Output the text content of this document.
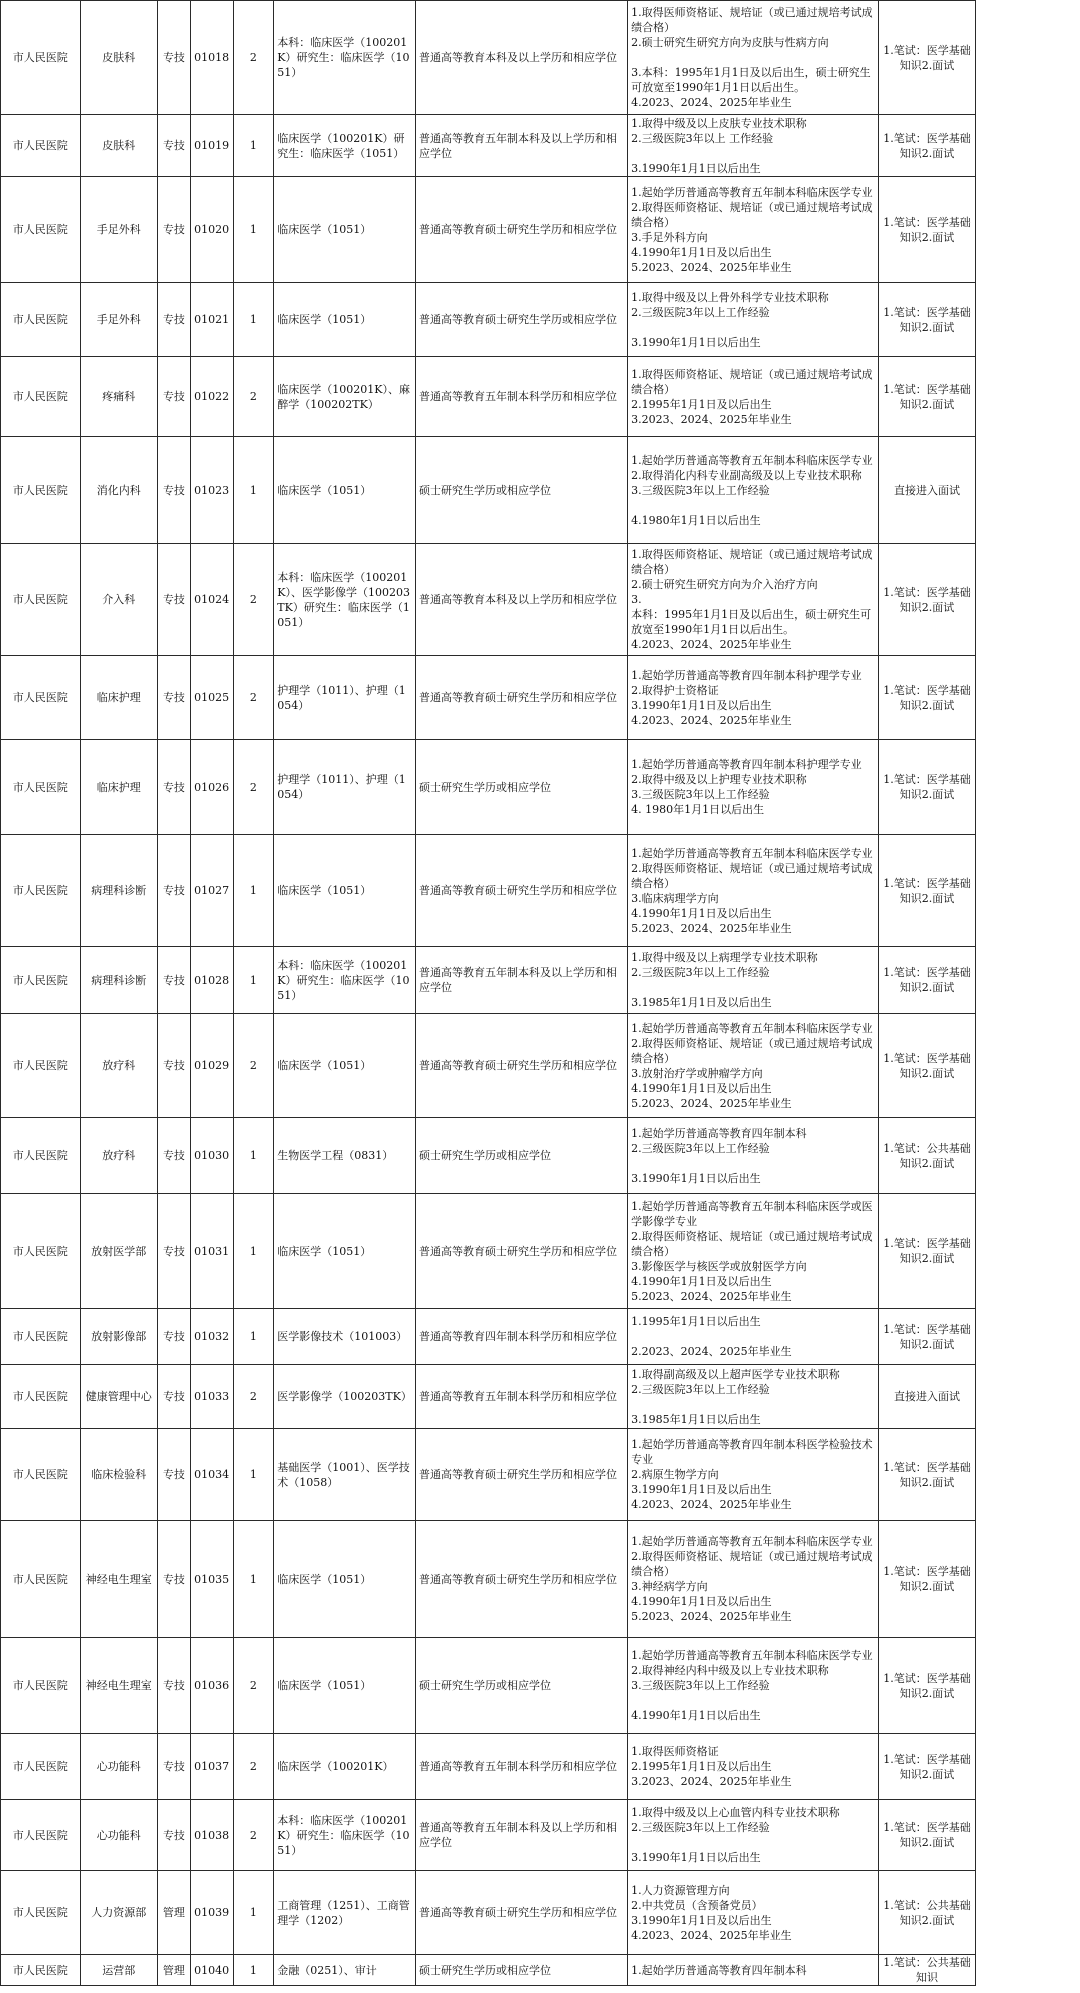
市人民医院	皮肤科	专技	01018	2	本科：临床医学（100201K）研究生：临床医学（1051）	普通高等教育本科及以上学历和相应学位	1.取得医师资格证、规培证（或已通过规培考试成绩合格）
2.硕士研究生研究方向为皮肤与性病方向
3.本科：1995年1月1日及以后出生，硕士研究生可放宽至1990年1月1日以后出生。
4.2023、2024、2025年毕业生	1.笔试：医学基础知识2.面试
市人民医院	皮肤科	专技	01019	1	临床医学（100201K）研究生：临床医学（1051）	普通高等教育五年制本科及以上学历和相应学位	1.取得中级及以上皮肤专业技术职称
2.三级医院3年以上 工作经验
3.1990年1月1日以后出生	1.笔试：医学基础知识2.面试
市人民医院	手足外科	专技	01020	1	临床医学（1051）	普通高等教育硕士研究生学历和相应学位	1.起始学历普通高等教育五年制本科临床医学专业
2.取得医师资格证、规培证（或已通过规培考试成绩合格）
3.手足外科方向
4.1990年1月1日及以后出生
5.2023、2024、2025年毕业生	1.笔试：医学基础知识2.面试
市人民医院	手足外科	专技	01021	1	临床医学（1051）	普通高等教育硕士研究生学历或相应学位	1.取得中级及以上骨外科学专业技术职称
2.三级医院3年以上工作经验
3.1990年1月1日以后出生	1.笔试：医学基础知识2.面试
市人民医院	疼痛科	专技	01022	2	临床医学（100201K）、麻醉学（100202TK）	普通高等教育五年制本科学历和相应学位	1.取得医师资格证、规培证（或已通过规培考试成绩合格）
2.1995年1月1日及以后出生
3.2023、2024、2025年毕业生	1.笔试：医学基础知识2.面试
市人民医院	消化内科	专技	01023	1	临床医学（1051）	硕士研究生学历或相应学位	1.起始学历普通高等教育五年制本科临床医学专业
2.取得消化内科专业副高级及以上专业技术职称
3.三级医院3年以上工作经验
4.1980年1月1日以后出生	直接进入面试
市人民医院	介入科	专技	01024	2	本科：临床医学（100201K）、医学影像学（100203TK）研究生：临床医学（1051）	普通高等教育本科及以上学历和相应学位	1.取得医师资格证、规培证（或已通过规培考试成绩合格）
2.硕士研究生研究方向为介入治疗方向
3.
本科：1995年1月1日及以后出生，硕士研究生可放宽至1990年1月1日以后出生。
4.2023、2024、2025年毕业生	1.笔试：医学基础知识2.面试
市人民医院	临床护理	专技	01025	2	护理学（1011）、护理（1054）	普通高等教育硕士研究生学历和相应学位	1.起始学历普通高等教育四年制本科护理学专业
2.取得护士资格证
3.1990年1月1日及以后出生
4.2023、2024、2025年毕业生	1.笔试：医学基础知识2.面试
市人民医院	临床护理	专技	01026	2	护理学（1011）、护理（1054）	硕士研究生学历或相应学位	1.起始学历普通高等教育四年制本科护理学专业
2.取得中级及以上护理专业技术职称
3.三级医院3年以上工作经验
4. 1980年1月1日以后出生	1.笔试：医学基础知识2.面试
市人民医院	病理科诊断	专技	01027	1	临床医学（1051）	普通高等教育硕士研究生学历和相应学位	1.起始学历普通高等教育五年制本科临床医学专业
2.取得医师资格证、规培证（或已通过规培考试成绩合格）
3.临床病理学方向
4.1990年1月1日及以后出生
5.2023、2024、2025年毕业生	1.笔试：医学基础知识2.面试
市人民医院	病理科诊断	专技	01028	1	本科：临床医学（100201K）研究生：临床医学（1051）	普通高等教育五年制本科及以上学历和相应学位	1.取得中级及以上病理学专业技术职称
2.三级医院3年以上工作经验
3.1985年1月1日及以后出生	1.笔试：医学基础知识2.面试
市人民医院	放疗科	专技	01029	2	临床医学（1051）	普通高等教育硕士研究生学历和相应学位	1.起始学历普通高等教育五年制本科临床医学专业
2.取得医师资格证、规培证（或已通过规培考试成绩合格）
3.放射治疗学或肿瘤学方向
4.1990年1月1日及以后出生
5.2023、2024、2025年毕业生	1.笔试：医学基础知识2.面试
市人民医院	放疗科	专技	01030	1	生物医学工程（0831）	硕士研究生学历或相应学位	1.起始学历普通高等教育四年制本科
2.三级医院3年以上工作经验
3.1990年1月1日以后出生	1.笔试：公共基础知识2.面试
市人民医院	放射医学部	专技	01031	1	临床医学（1051）	普通高等教育硕士研究生学历和相应学位	1.起始学历普通高等教育五年制本科临床医学或医学影像学专业
2.取得医师资格证、规培证（或已通过规培考试成绩合格）
3.影像医学与核医学或放射医学方向
4.1990年1月1日及以后出生
5.2023、2024、2025年毕业生	1.笔试：医学基础知识2.面试
市人民医院	放射影像部	专技	01032	1	医学影像技术（101003）	普通高等教育四年制本科学历和相应学位	1.1995年1月1日以后出生
2.2023、2024、2025年毕业生	1.笔试：医学基础知识2.面试
市人民医院	健康管理中心	专技	01033	2	医学影像学（100203TK）	普通高等教育五年制本科学历和相应学位	1.取得副高级及以上超声医学专业技术职称
2.三级医院3年以上工作经验
3.1985年1月1日以后出生	直接进入面试
市人民医院	临床检验科	专技	01034	1	基础医学（1001）、医学技术（1058）	普通高等教育硕士研究生学历和相应学位	1.起始学历普通高等教育四年制本科医学检验技术专业
2.病原生物学方向
3.1990年1月1日及以后出生
4.2023、2024、2025年毕业生	1.笔试：医学基础知识2.面试
市人民医院	神经电生理室	专技	01035	1	临床医学（1051）	普通高等教育硕士研究生学历和相应学位	1.起始学历普通高等教育五年制本科临床医学专业
2.取得医师资格证、规培证（或已通过规培考试成绩合格）
3.神经病学方向
4.1990年1月1日及以后出生
5.2023、2024、2025年毕业生	1.笔试：医学基础知识2.面试
市人民医院	神经电生理室	专技	01036	2	临床医学（1051）	硕士研究生学历或相应学位	1.起始学历普通高等教育五年制本科临床医学专业
2.取得神经内科中级及以上专业技术职称
3.三级医院3年以上工作经验
4.1990年1月1日以后出生	1.笔试：医学基础知识2.面试
市人民医院	心功能科	专技	01037	2	临床医学（100201K）	普通高等教育五年制本科学历和相应学位	1.取得医师资格证
2.1995年1月1日及以后出生
3.2023、2024、2025年毕业生	1.笔试：医学基础知识2.面试
市人民医院	心功能科	专技	01038	2	本科：临床医学（100201K）研究生：临床医学（1051）	普通高等教育五年制本科及以上学历和相应学位	1.取得中级及以上心血管内科专业技术职称
2.三级医院3年以上工作经验
3.1990年1月1日以后出生	1.笔试：医学基础知识2.面试
市人民医院	人力资源部	管理	01039	1	工商管理（1251）、工商管理学（1202）	普通高等教育硕士研究生学历和相应学位	1.人力资源管理方向
2.中共党员（含预备党员）
3.1990年1月1日及以后出生
4.2023、2024、2025年毕业生	1.笔试：公共基础知识2.面试
市人民医院	运营部	管理	01040	1	金融（0251）、审计	硕士研究生学历或相应学位	1.起始学历普通高等教育四年制本科	1.笔试：公共基础知识
